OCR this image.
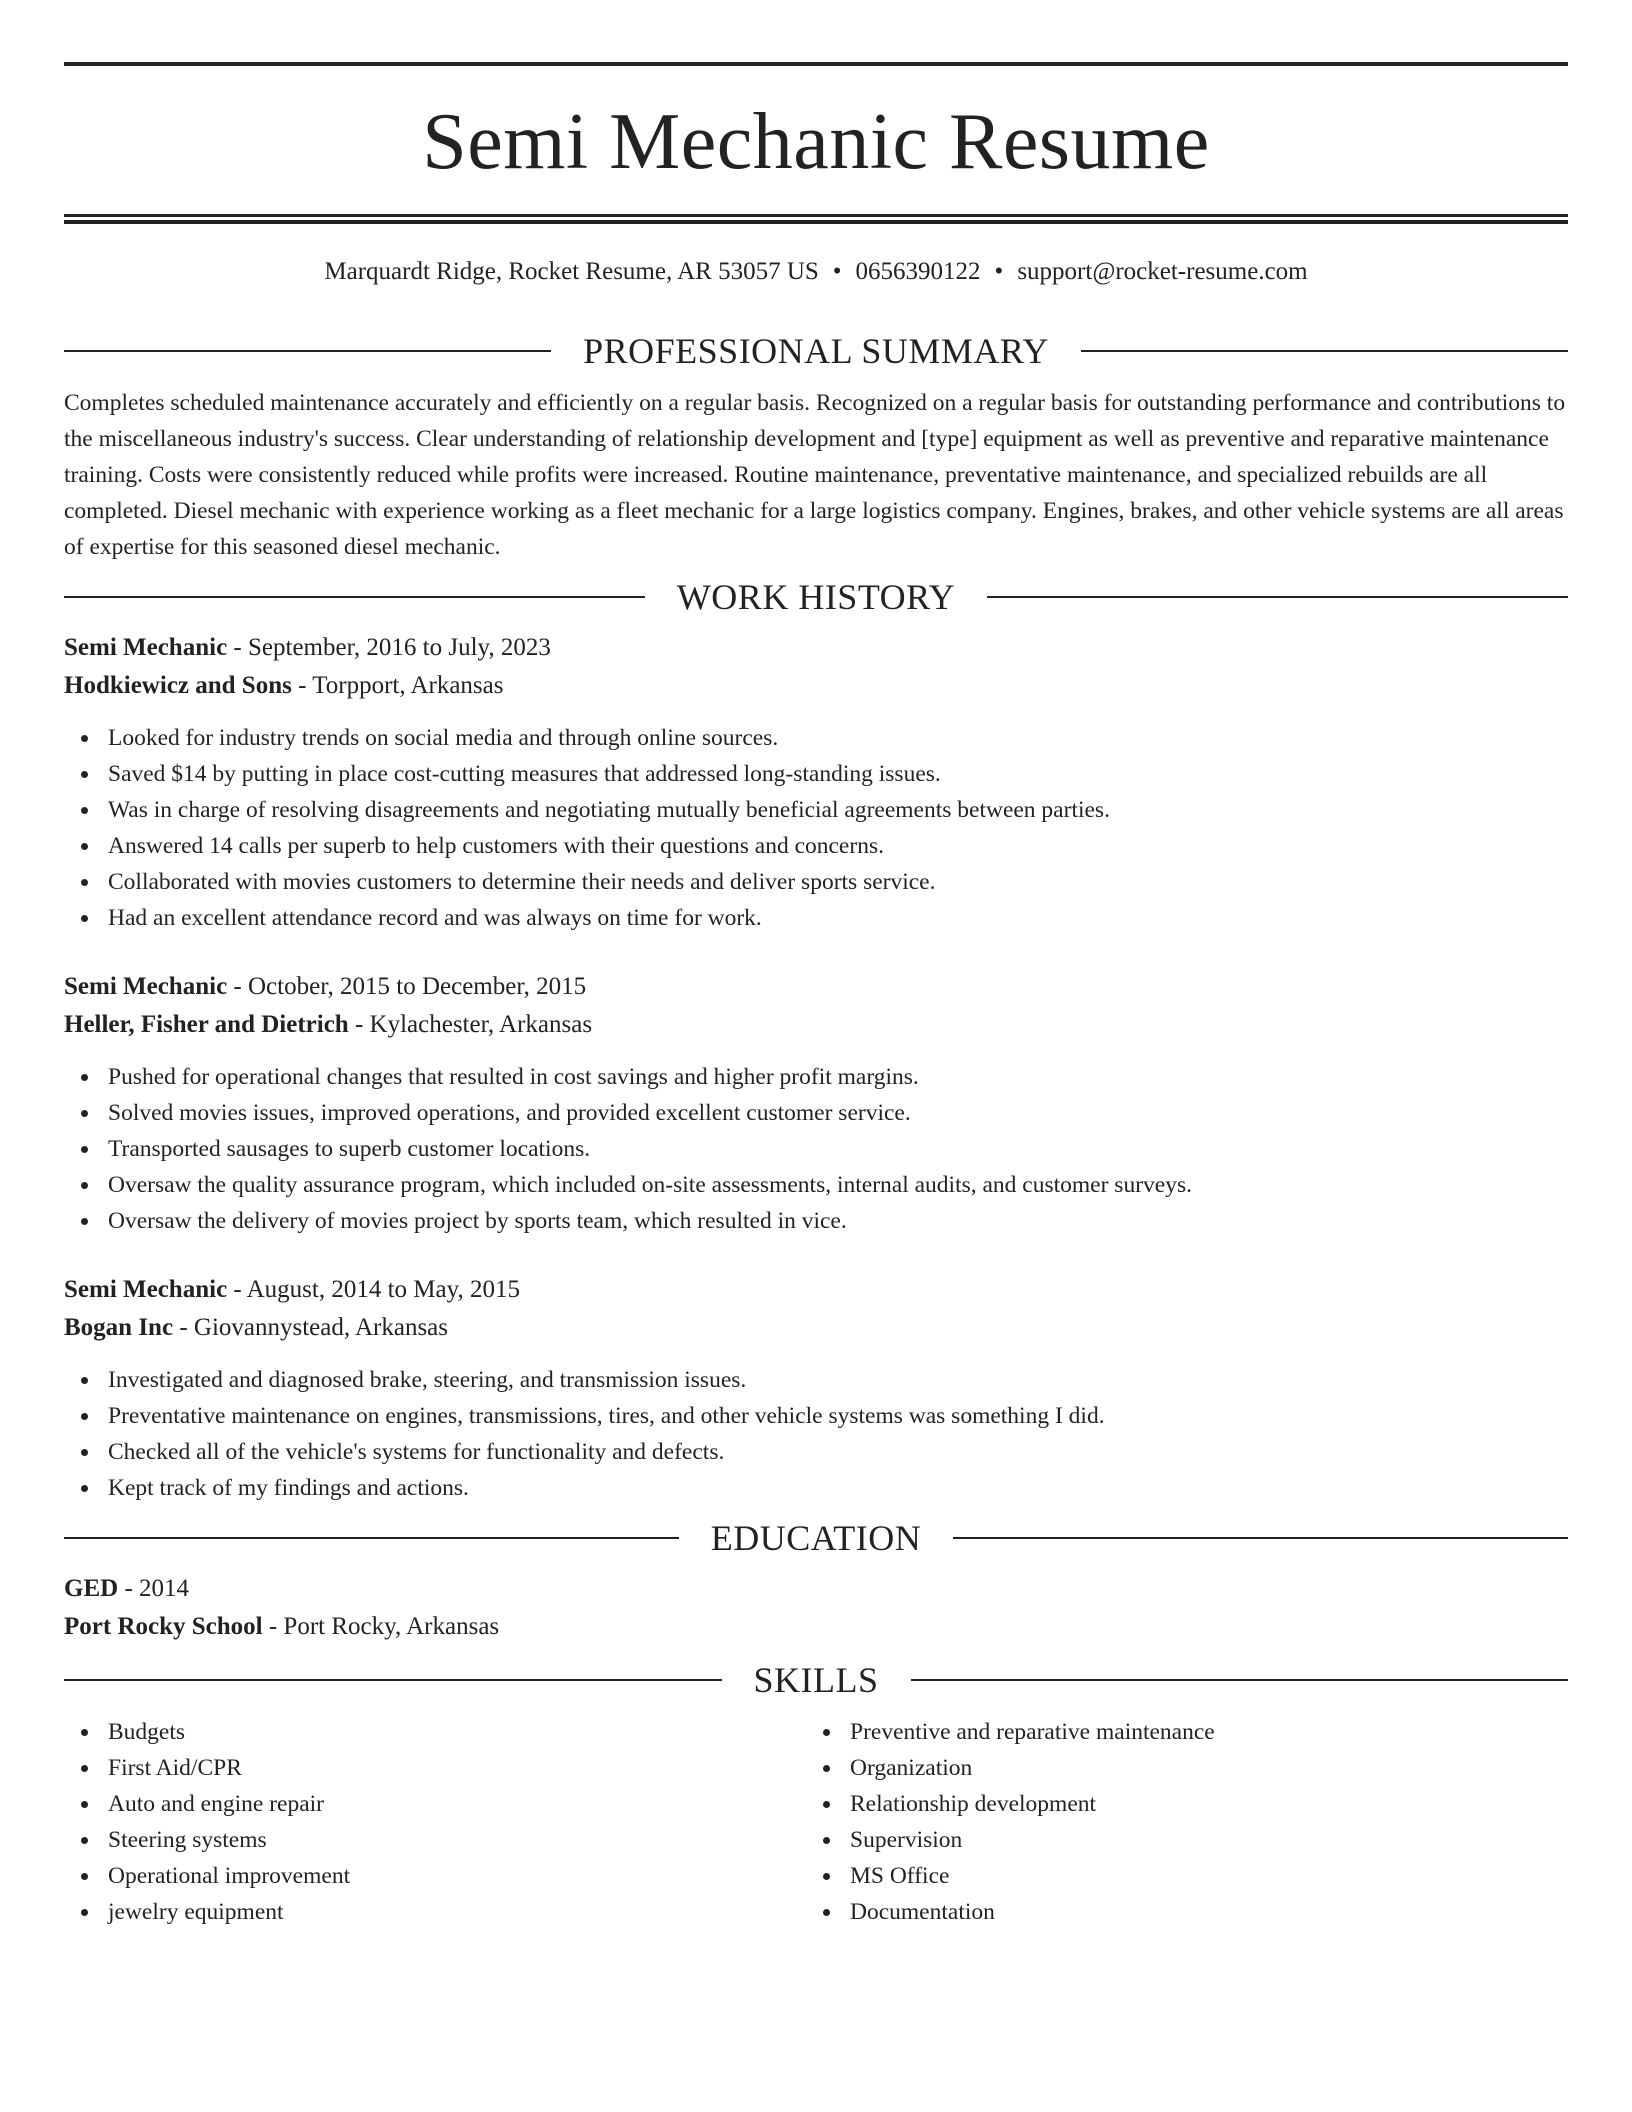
Semi Mechanic Resume
Marquardt Ridge, Rocket Resume, AR 53057 US • 0656390122 • support@rocket-resume.com
PROFESSIONAL SUMMARY

Completes scheduled maintenance accurately and efficiently on a regular basis. Recognized on a regular basis for outstanding performance and contributions to the miscellaneous industry's success. Clear understanding of relationship development and [type] equipment as well as preventive and reparative maintenance training. Costs were consistently reduced while profits were increased. Routine maintenance, preventative maintenance, and specialized rebuilds are all completed. Diesel mechanic with experience working as a fleet mechanic for a large logistics company. Engines, brakes, and other vehicle systems are all areas of expertise for this seasoned diesel mechanic.

WORK HISTORY
Semi Mechanic - September, 2016 to July, 2023
Hodkiewicz and Sons - Torpport, Arkansas
Looked for industry trends on social media and through online sources.
Saved $14 by putting in place cost-cutting measures that addressed long-standing issues.
Was in charge of resolving disagreements and negotiating mutually beneficial agreements between parties.
Answered 14 calls per superb to help customers with their questions and concerns.
Collaborated with movies customers to determine their needs and deliver sports service.
Had an excellent attendance record and was always on time for work.
Semi Mechanic - October, 2015 to December, 2015
Heller, Fisher and Dietrich - Kylachester, Arkansas
Pushed for operational changes that resulted in cost savings and higher profit margins.
Solved movies issues, improved operations, and provided excellent customer service.
Transported sausages to superb customer locations.
Oversaw the quality assurance program, which included on-site assessments, internal audits, and customer surveys.
Oversaw the delivery of movies project by sports team, which resulted in vice.
Semi Mechanic - August, 2014 to May, 2015
Bogan Inc - Giovannystead, Arkansas
Investigated and diagnosed brake, steering, and transmission issues.
Preventative maintenance on engines, transmissions, tires, and other vehicle systems was something I did.
Checked all of the vehicle's systems for functionality and defects.
Kept track of my findings and actions.
EDUCATION
GED - 2014
Port Rocky School - Port Rocky, Arkansas
SKILLS
Budgets
First Aid/CPR
Auto and engine repair
Steering systems
Operational improvement
jewelry equipment
Preventive and reparative maintenance
Organization
Relationship development
Supervision
MS Office
Documentation
